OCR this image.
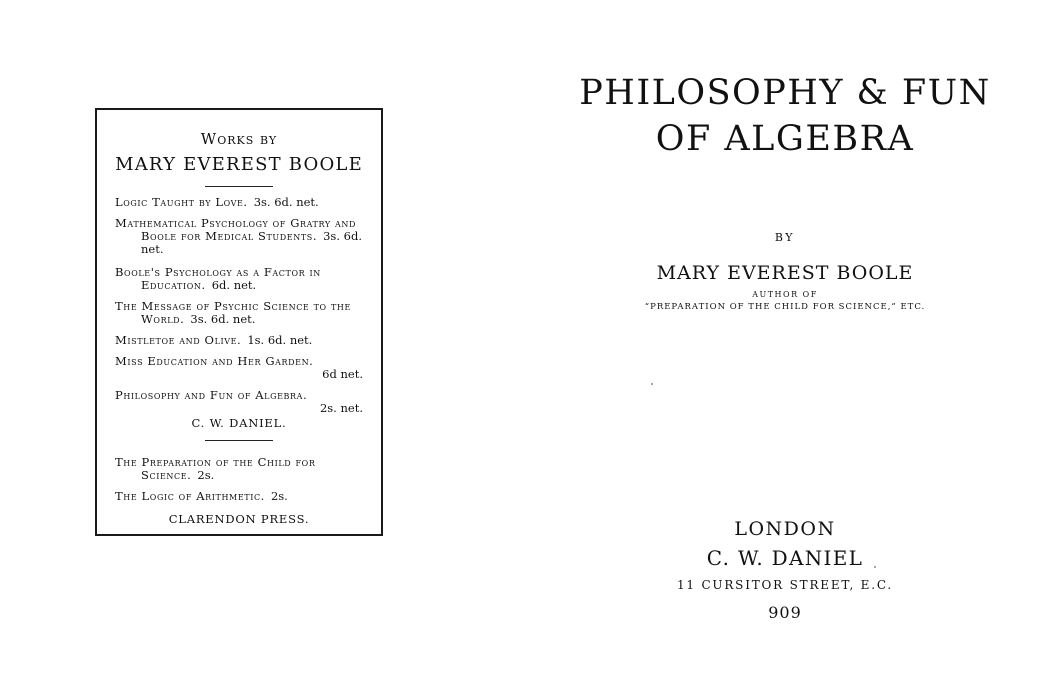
Works by
MARY EVEREST BOOLE
Logic Taught by Love. 3s. 6d. net.
Mathematical Psychology of Gratry and Boole for Medical Students. 3s. 6d. net.
Boole's Psychology as a Factor in Education. 6d. net.
The Message of Psychic Science to the World. 3s. 6d. net.
Mistletoe and Olive. 1s. 6d. net.
Miss Education and Her Garden.
6d net.
Philosophy and Fun of Algebra.
2s. net.
C. W. DANIEL.
The Preparation of the Child for Science. 2s.
The Logic of Arithmetic. 2s.
CLARENDON PRESS.
PHILOSOPHY & FUN
OF ALGEBRA
BY
MARY EVEREST BOOLE
AUTHOR OF
“PREPARATION OF THE CHILD FOR SCIENCE,” ETC.
LONDON
C. W. DANIEL
11 CURSITOR STREET, E.C.
909
